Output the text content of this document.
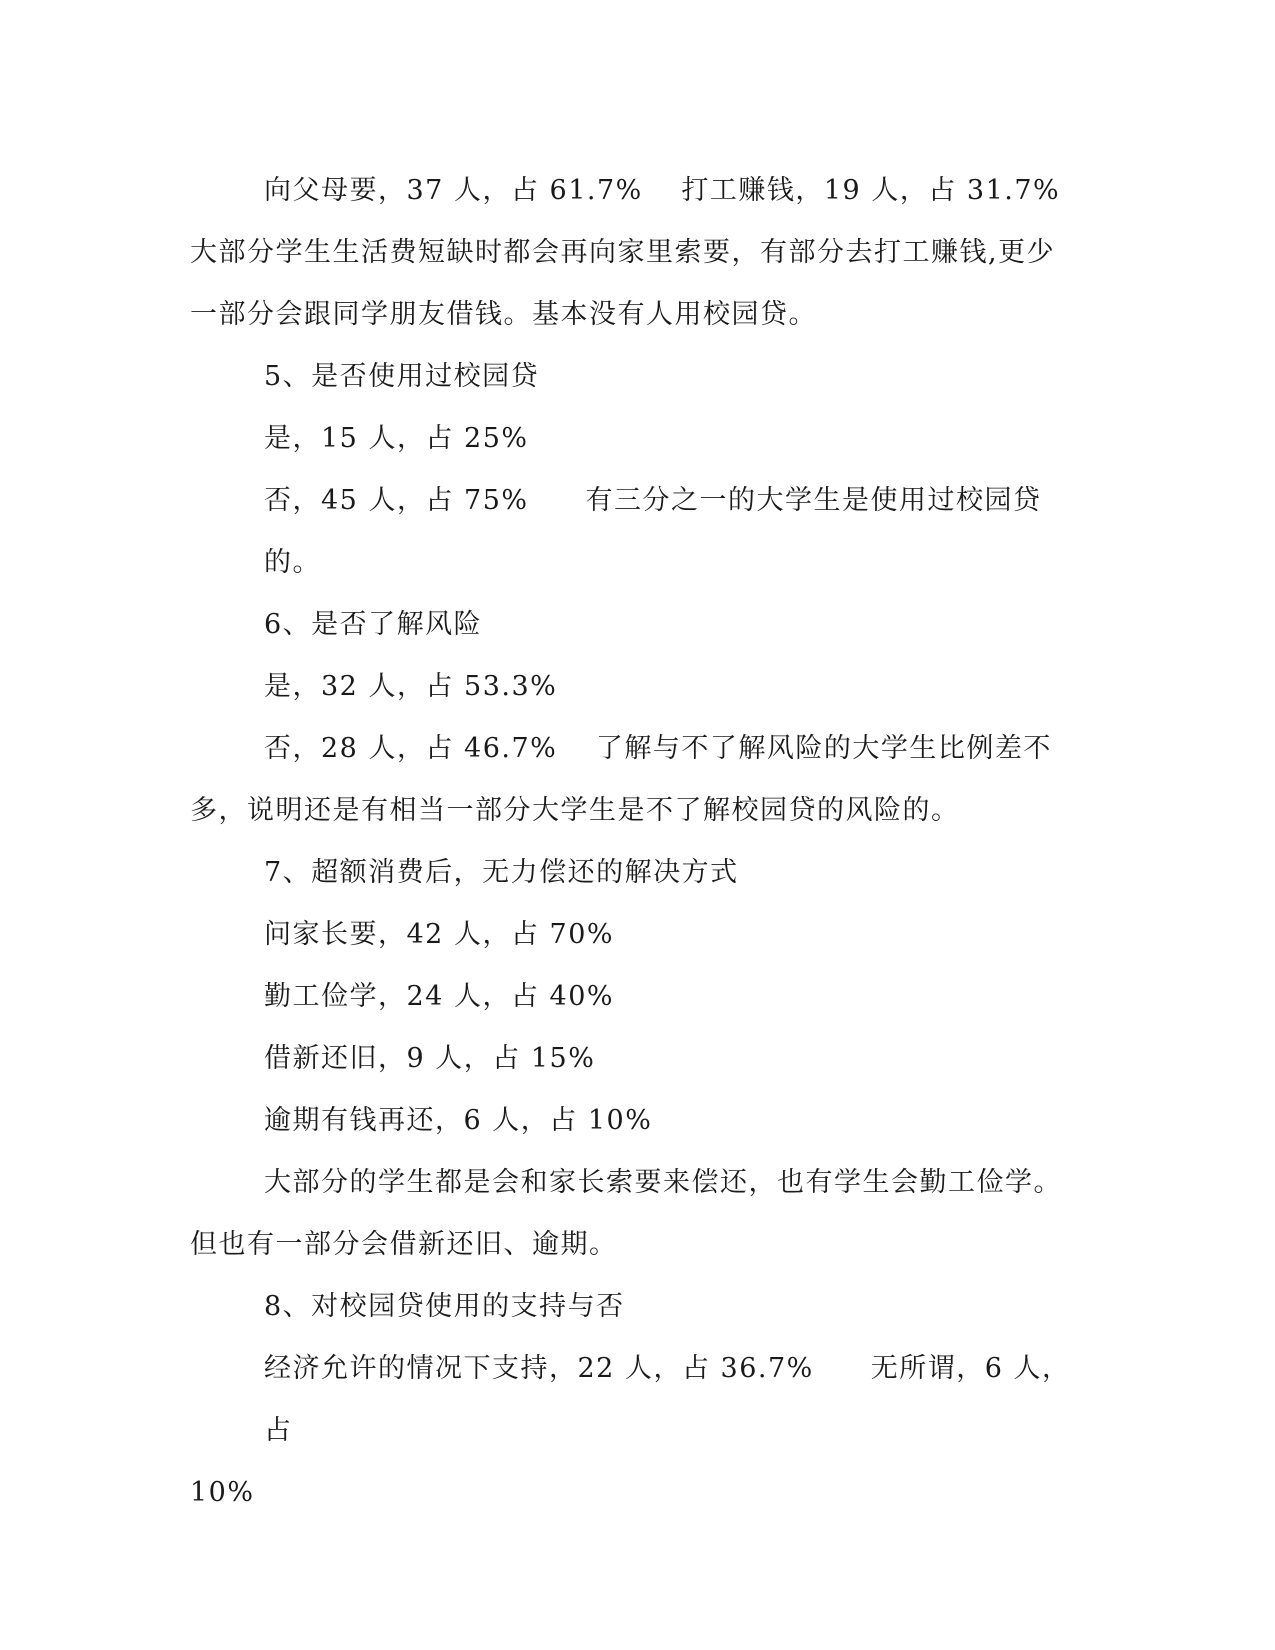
向父母要，37 人，占 61.7%　 打工赚钱，19 人，占 31.7%　大部分学生生活费短缺时都会再向家里索要，有部分去打工赚钱,更少一部分会跟同学朋友借钱。基本没有人用校园贷。

5、是否使用过校园贷

是，15 人，占 25%

否，45 人，占 75%　　有三分之一的大学生是使用过校园贷的。

6、是否了解风险

是，32 人，占 53.3%

否，28 人，占 46.7%　 了解与不了解风险的大学生比例差不多，说明还是有相当一部分大学生是不了解校园贷的风险的。

7、超额消费后，无力偿还的解决方式

问家长要，42 人，占 70%

勤工俭学，24 人，占 40%

借新还旧，9 人，占 15%

逾期有钱再还，6 人，占 10%

大部分的学生都是会和家长索要来偿还，也有学生会勤工俭学。但也有一部分会借新还旧、逾期。

8、对校园贷使用的支持与否

经济允许的情况下支持，22 人，占 36.7%　　无所谓，6 人，占

10%
